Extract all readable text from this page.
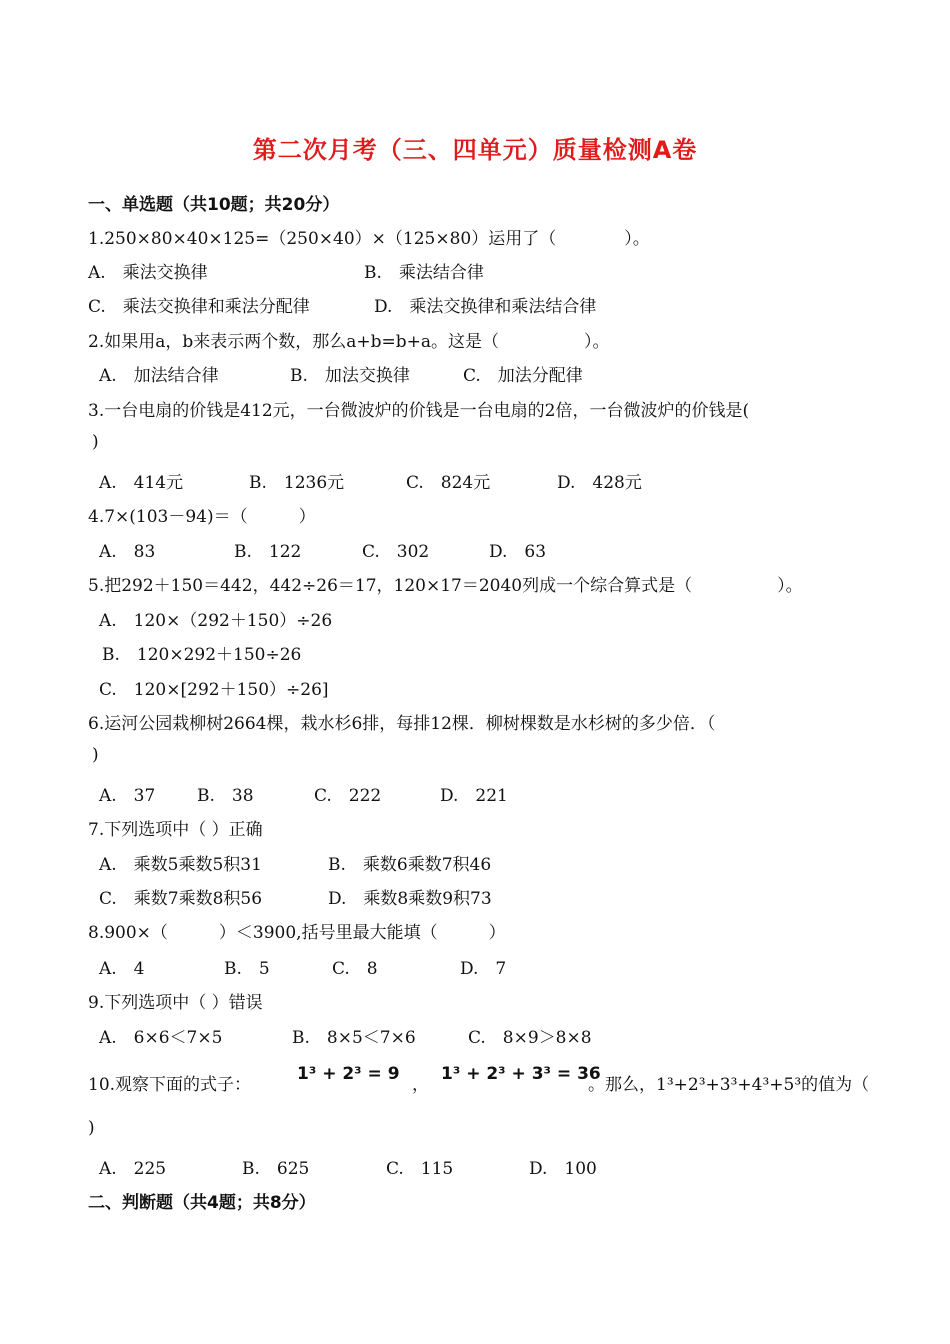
第二次月考（三、四单元）质量检测A卷
一、单选题（共10题；共20分）
1.250×80×40×125=（250×40）×（125×80）运用了（　　　　）。
A.　乘法交换律	B.　乘法结合律
C.　乘法交换律和乘法分配律	D.　乘法交换律和乘法结合律
2.如果用a，b来表示两个数，那么a+b=b+a。这是（　　　　　）。
A.　加法结合律	B.　加法交换律	C.　加法分配律
3.一台电扇的价钱是412元，一台微波炉的价钱是一台电扇的2倍，一台微波炉的价钱是(
)
A.　414元	B.　1236元	C.　824元	D.　428元
4.7×(103－94)＝（　　　）
A.　83	B.　122	C.　302	D.　63
5.把292＋150＝442，442÷26＝17，120×17＝2040列成一个综合算式是（　　　　　）。
A.　120×（292＋150）÷26
B.　120×292＋150÷26
C.　120×[292＋150）÷26]
6.运河公园栽柳树2664棵，栽水杉6排，每排12棵．柳树棵数是水杉树的多少倍．（
)
A.　37 B.　38	C.　222	D.　221
7.下列选项中（ ）正确
A.　乘数5乘数5积31	B.　乘数6乘数7积46
C.　乘数7乘数8积56	D.　乘数8乘数9积73
8.900×（　　　）＜3900,括号里最大能填（　　　）
A.　4	B.　5	C.　8	D.　7
9.下列选项中（ ）错误
A.　6×6＜7×5	B.　8×5＜7×6	C.　8×9＞8×8
10.观察下面的式子：
1³ + 2³ = 9
，
1³ + 2³ + 3³ = 36
。那么，1³+2³+3³+4³+5³的值为（
)
A.　225	B.　625	C.　115	D.　100
二、判断题（共4题；共8分）
